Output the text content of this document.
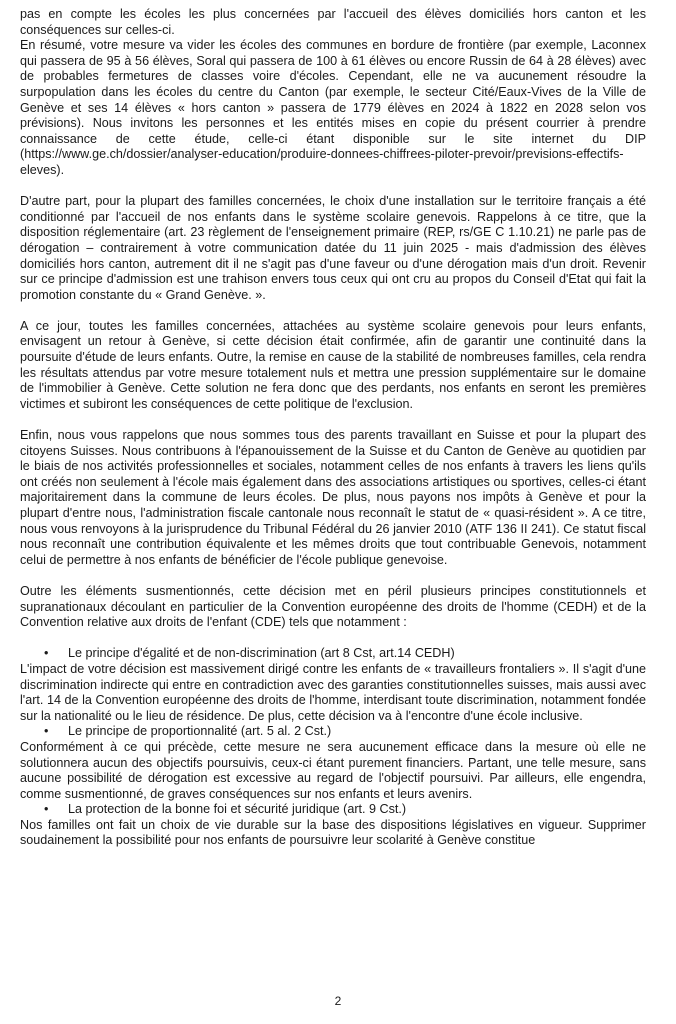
pas en compte les écoles les plus concernées par l'accueil des élèves domiciliés hors canton et les conséquences sur celles-ci.

En résumé, votre mesure va vider les écoles des communes en bordure de frontière (par exemple, Laconnex qui passera de 95 à 56 élèves, Soral qui passera de 100 à 61 élèves ou encore Russin de 64 à 28 élèves) avec de probables fermetures de classes voire d'écoles. Cependant, elle ne va aucunement résoudre la surpopulation dans les écoles du centre du Canton (par exemple, le secteur Cité/Eaux-Vives de la Ville de Genève et ses 14 élèves « hors canton » passera de 1779 élèves en 2024 à 1822 en 2028 selon vos prévisions). Nous invitons les personnes et les entités mises en copie du présent courrier à prendre connaissance de cette étude, celle-ci étant disponible sur le site internet du DIP (https://www.ge.ch/dossier/analyser-education/produire-donnees-chiffrees-piloter-prevoir/previsions-effectifs-eleves).

D'autre part, pour la plupart des familles concernées, le choix d'une installation sur le territoire français a été conditionné par l'accueil de nos enfants dans le système scolaire genevois. Rappelons à ce titre, que la disposition réglementaire (art. 23 règlement de l'enseignement primaire (REP, rs/GE C 1.10.21) ne parle pas de dérogation – contrairement à votre communication datée du 11 juin 2025 - mais d'admission des élèves domiciliés hors canton, autrement dit il ne s'agit pas d'une faveur ou d'une dérogation mais d'un droit. Revenir sur ce principe d'admission est une trahison envers tous ceux qui ont cru au propos du Conseil d'Etat qui fait la promotion constante du « Grand Genève. ».

A ce jour, toutes les familles concernées, attachées au système scolaire genevois pour leurs enfants, envisagent un retour à Genève, si cette décision était confirmée, afin de garantir une continuité dans la poursuite d'étude de leurs enfants. Outre, la remise en cause de la stabilité de nombreuses familles, cela rendra les résultats attendus par votre mesure totalement nuls et mettra une pression supplémentaire sur le domaine de l'immobilier à Genève. Cette solution ne fera donc que des perdants, nos enfants en seront les premières victimes et subiront les conséquences de cette politique de l'exclusion.

Enfin, nous vous rappelons que nous sommes tous des parents travaillant en Suisse et pour la plupart des citoyens Suisses. Nous contribuons à l'épanouissement de la Suisse et du Canton de Genève au quotidien par le biais de nos activités professionnelles et sociales, notamment celles de nos enfants à travers les liens qu'ils ont créés non seulement à l'école mais également dans des associations artistiques ou sportives, celles-ci étant majoritairement dans la commune de leurs écoles. De plus, nous payons nos impôts à Genève et pour la plupart d'entre nous, l'administration fiscale cantonale nous reconnaît le statut de « quasi-résident ». A ce titre, nous vous renvoyons à la jurisprudence du Tribunal Fédéral du 26 janvier 2010 (ATF 136 II 241). Ce statut fiscal nous reconnaît une contribution équivalente et les mêmes droits que tout contribuable Genevois, notamment celui de permettre à nos enfants de bénéficier de l'école publique genevoise.

Outre les éléments susmentionnés, cette décision met en péril plusieurs principes constitutionnels et supranationaux découlant en particulier de la Convention européenne des droits de l'homme (CEDH) et de la Convention relative aux droits de l'enfant (CDE) tels que notamment :

• Le principe d'égalité et de non-discrimination (art 8 Cst, art.14 CEDH)

L'impact de votre décision est massivement dirigé contre les enfants de « travailleurs frontaliers ». Il s'agit d'une discrimination indirecte qui entre en contradiction avec des garanties constitutionnelles suisses, mais aussi avec l'art. 14 de la Convention européenne des droits de l'homme, interdisant toute discrimination, notamment fondée sur la nationalité ou le lieu de résidence. De plus, cette décision va à l'encontre d'une école inclusive.

• Le principe de proportionnalité (art. 5 al. 2 Cst.)

Conformément à ce qui précède, cette mesure ne sera aucunement efficace dans la mesure où elle ne solutionnera aucun des objectifs poursuivis, ceux-ci étant purement financiers. Partant, une telle mesure, sans aucune possibilité de dérogation est excessive au regard de l'objectif poursuivi. Par ailleurs, elle engendra, comme susmentionné, de graves conséquences sur nos enfants et leurs avenirs.

• La protection de la bonne foi et sécurité juridique (art. 9 Cst.)

Nos familles ont fait un choix de vie durable sur la base des dispositions législatives en vigueur. Supprimer soudainement la possibilité pour nos enfants de poursuivre leur scolarité à Genève constitue

2
